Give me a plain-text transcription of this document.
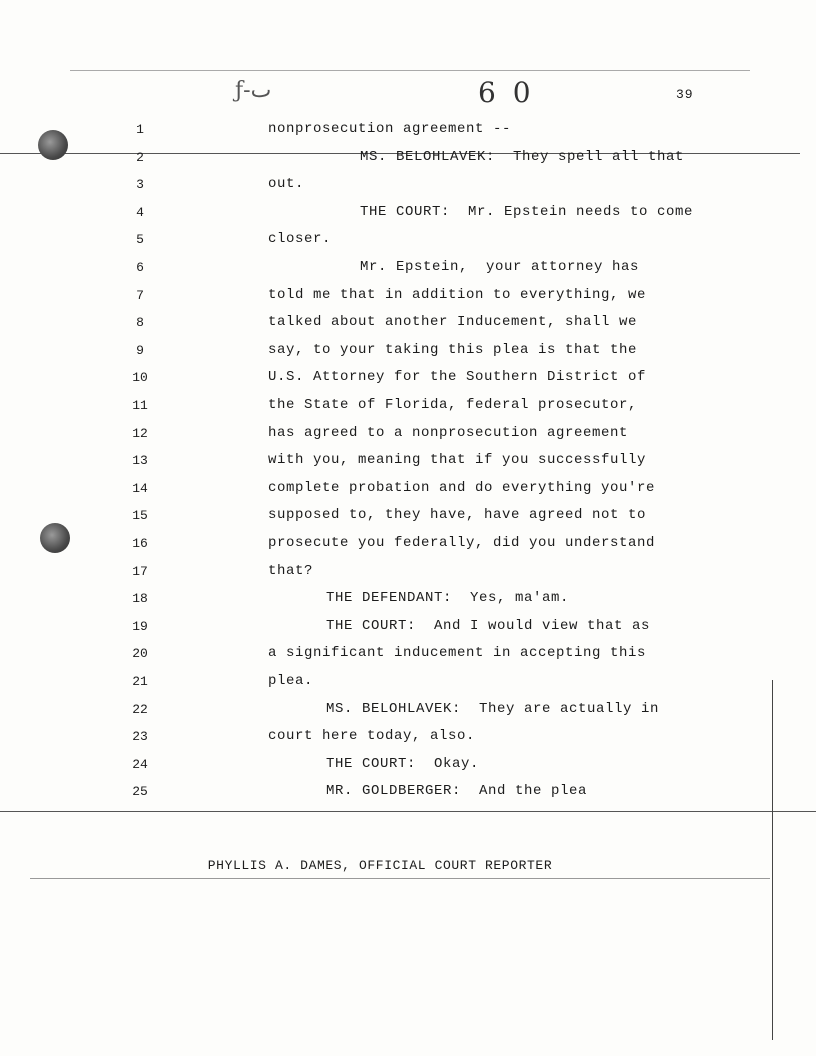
ƒ-ٮ	6 0	39
1	nonprosecution agreement --
2	MS. BELOHLAVEK:  They spell all that
3	out.
4	THE COURT:  Mr. Epstein needs to come
5	closer.
6	Mr. Epstein,  your attorney has
7	told me that in addition to everything, we
8	talked about another Inducement, shall we
9	say, to your taking this plea is that the
10	U.S. Attorney for the Southern District of
11	the State of Florida, federal prosecutor,
12	has agreed to a nonprosecution agreement
13	with you, meaning that if you successfully
14	complete probation and do everything you're
15	supposed to, they have, have agreed not to
16	prosecute you federally, did you understand
17	that?
18	THE DEFENDANT:  Yes, ma'am.
19	THE COURT:  And I would view that as
20	a significant inducement in accepting this
21	plea.
22	MS. BELOHLAVEK:  They are actually in
23	court here today, also.
24	THE COURT:  Okay.
25	MR. GOLDBERGER:  And the plea
PHYLLIS A. DAMES, OFFICIAL COURT REPORTER
